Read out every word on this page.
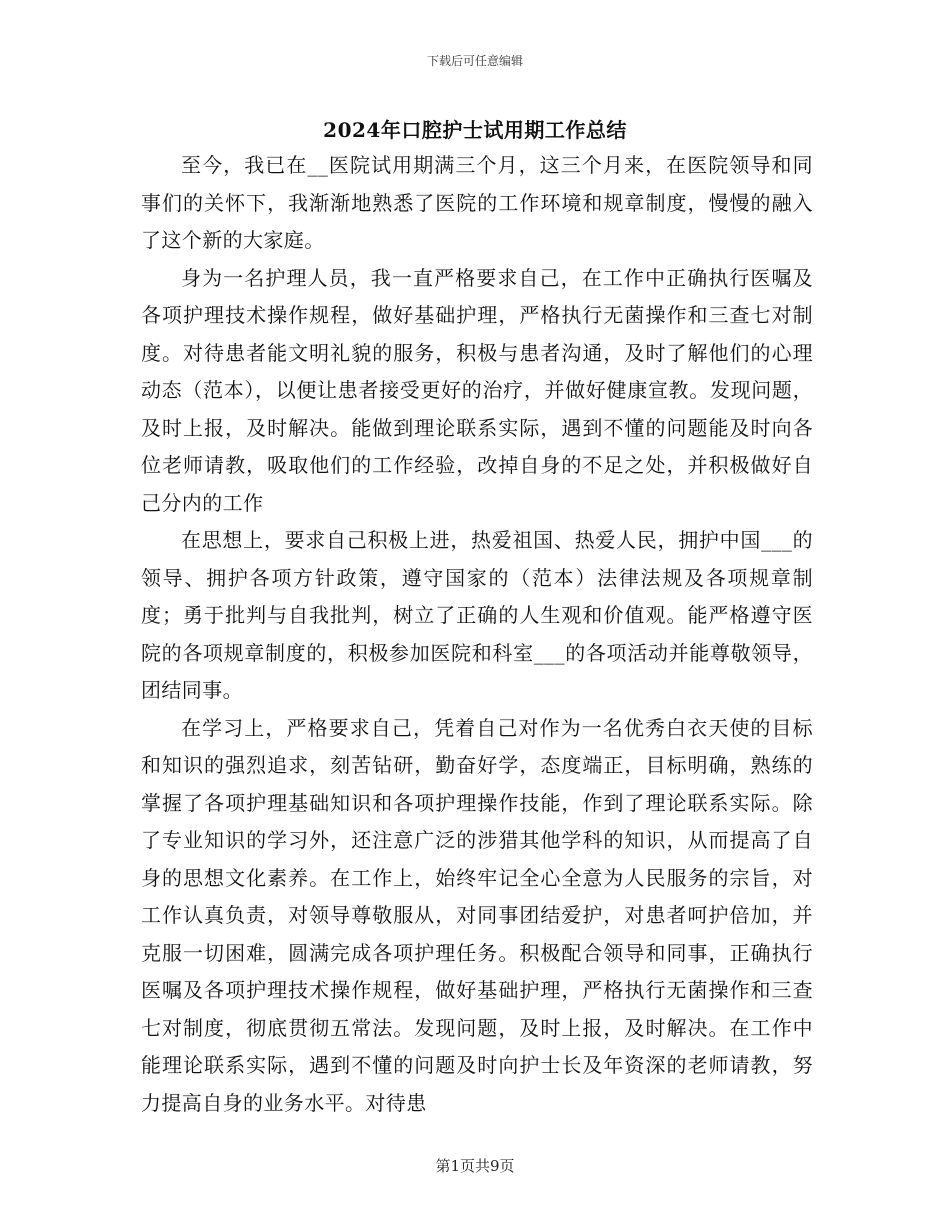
下载后可任意编辑
2024年口腔护士试用期工作总结

至今，我已在__医院试用期满三个月，这三个月来，在医院领导和同事们的关怀下，我渐渐地熟悉了医院的工作环境和规章制度，慢慢的融入了这个新的大家庭。

身为一名护理人员，我一直严格要求自己，在工作中正确执行医嘱及各项护理技术操作规程，做好基础护理，严格执行无菌操作和三查七对制度。对待患者能文明礼貌的服务，积极与患者沟通，及时了解他们的心理动态（范本），以便让患者接受更好的治疗，并做好健康宣教。发现问题，及时上报，及时解决。能做到理论联系实际，遇到不懂的问题能及时向各位老师请教，吸取他们的工作经验，改掉自身的不足之处，并积极做好自己分内的工作

在思想上，要求自己积极上进，热爱祖国、热爱人民，拥护中国___的领导、拥护各项方针政策，遵守国家的（范本）法律法规及各项规章制度；勇于批判与自我批判，树立了正确的人生观和价值观。能严格遵守医院的各项规章制度的，积极参加医院和科室___的各项活动并能尊敬领导，团结同事。

在学习上，严格要求自己，凭着自己对作为一名优秀白衣天使的目标和知识的强烈追求，刻苦钻研，勤奋好学，态度端正，目标明确，熟练的掌握了各项护理基础知识和各项护理操作技能，作到了理论联系实际。除了专业知识的学习外，还注意广泛的涉猎其他学科的知识，从而提高了自身的思想文化素养。在工作上，始终牢记全心全意为人民服务的宗旨，对工作认真负责，对领导尊敬服从，对同事团结爱护，对患者呵护倍加，并克服一切困难，圆满完成各项护理任务。积极配合领导和同事，正确执行医嘱及各项护理技术操作规程，做好基础护理，严格执行无菌操作和三查七对制度，彻底贯彻五常法。发现问题，及时上报，及时解决。在工作中能理论联系实际，遇到不懂的问题及时向护士长及年资深的老师请教，努力提高自身的业务水平。对待患

第1页共9页
